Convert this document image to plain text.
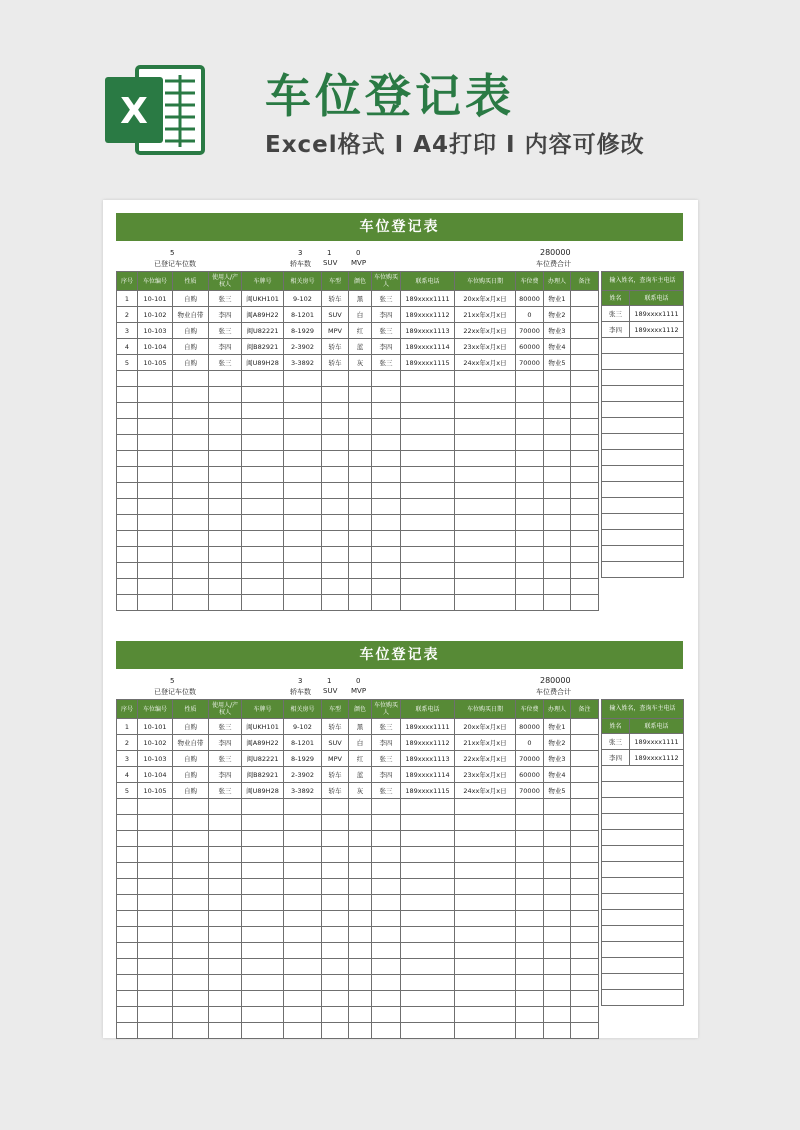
X	车位登记表
Excel格式 I A4打印 I 内容可修改
车位登记表
5
已登记车位数
3	1	0
轿车数 SUV MVP
280000
车位费合计
序号	车位编号	性质	使用人/产权人	车牌号	相关房号	车型	颜色	车位购买人	联系电话	车位购买日期	车位费	办理人	备注
1	10-101	自购	张三	闽UKH101	9-102	轿车	黑	张三	189xxxx1111	20xx年x月x日	80000	物业1	
2	10-102	物业自带	李四	闽A89H22	8-1201	SUV	白	李四	189xxxx1112	21xx年x月x日	0	物业2	
3	10-103	自购	张三	闽U82221	8-1929	MPV	红	张三	189xxxx1113	22xx年x月x日	70000	物业3	
4	10-104	自购	李四	闽B82921	2-3902	轿车	蓝	李四	189xxxx1114	23xx年x月x日	60000	物业4	
5	10-105	自购	张三	闽U89H28	3-3892	轿车	灰	张三	189xxxx1115	24xx年x月x日	70000	物业5	

输入姓名，查询车主电话	
姓名	联系电话
张三	189xxxx1111
李四	189xxxx1112

车位登记表
5
已登记车位数
3	1	0
轿车数 SUV MVP
280000
车位费合计
序号	车位编号	性质	使用人/产权人	车牌号	相关房号	车型	颜色	车位购买人	联系电话	车位购买日期	车位费	办理人	备注
1	10-101	自购	张三	闽UKH101	9-102	轿车	黑	张三	189xxxx1111	20xx年x月x日	80000	物业1	
2	10-102	物业自带	李四	闽A89H22	8-1201	SUV	白	李四	189xxxx1112	21xx年x月x日	0	物业2	
3	10-103	自购	张三	闽U82221	8-1929	MPV	红	张三	189xxxx1113	22xx年x月x日	70000	物业3	
4	10-104	自购	李四	闽B82921	2-3902	轿车	蓝	李四	189xxxx1114	23xx年x月x日	60000	物业4	
5	10-105	自购	张三	闽U89H28	3-3892	轿车	灰	张三	189xxxx1115	24xx年x月x日	70000	物业5	

输入姓名，查询车主电话	
姓名	联系电话
张三	189xxxx1111
李四	189xxxx1112
